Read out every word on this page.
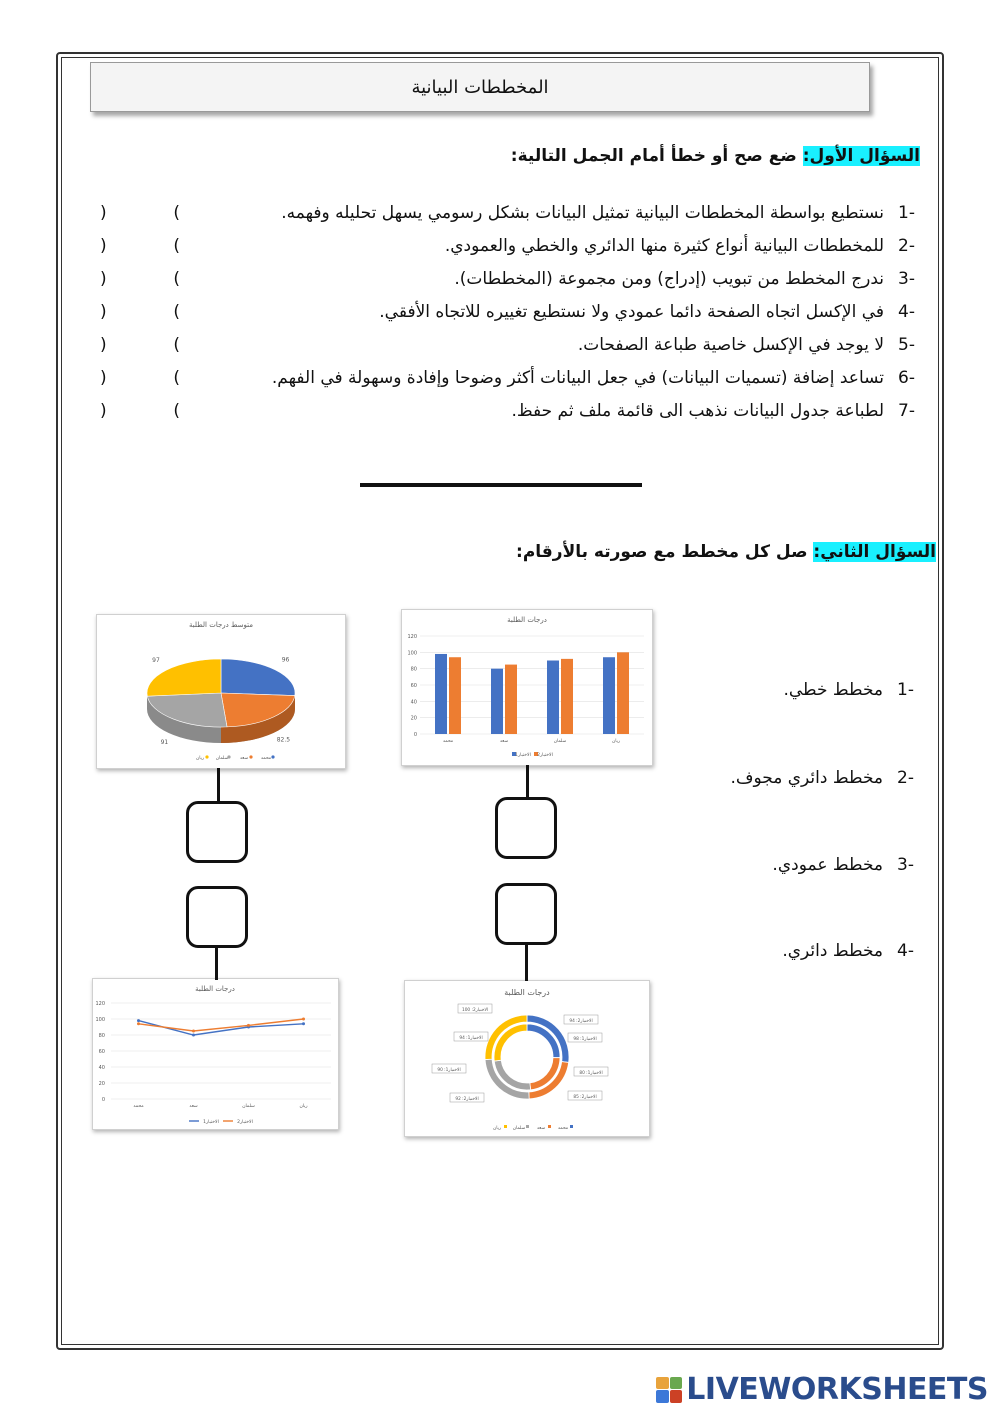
المخططات البيانية
السؤال الأول: ضع صح أو خطأ أمام الجمل التالية:
-1نستطيع بواسطة المخططات البيانية تمثيل البيانات بشكل رسومي يسهل تحليله وفهمه.
)	(
-2للمخططات البيانية أنواع كثيرة منها الدائري والخطي والعمودي.
)	(
-3ندرج المخطط من تبويب (إدراج) ومن مجموعة (المخططات).
)	(
-4في الإكسل اتجاه الصفحة دائما عمودي ولا نستطيع تغييره للاتجاه الأفقي.
)	(
-5لا يوجد في الإكسل خاصية طباعة الصفحات.
)	(
-6تساعد إضافة (تسميات البيانات) في جعل البيانات أكثر وضوحا وإفادة وسهولة في الفهم.
)	(
-7لطباعة جدول البيانات نذهب الى قائمة ملف ثم حفظ.
)	(
السؤال الثاني: صل كل مخطط مع صورته بالأرقام:
-1مخطط خطي.
-2مخطط دائري مجوف.
-3مخطط عمودي.
-4مخطط دائري.
متوسط درجات الطلبة
96
82.5
91
97
ريان	سلمان	سعد	محمد
درجات الطلبة
0
20
40
60
80
100
120
محمد	سعد	سلمان	ريان
الاختبار1 الاختبار2
درجات الطلبة
0
20
40
60
80
100
120
محمد	سعد	سلمان	ريان
الاختبار1	الاختبار2
درجات الطلبة
الاختبار2: 94
الاختبار1: 98
الاختبار1: 80
الاختبار2: 85
الاختبار2: 100
الاختبار1: 94
الاختبار1: 90
الاختبار2: 92
ريان	سلمان	سعد	محمد
LIVEWORKSHEETS
